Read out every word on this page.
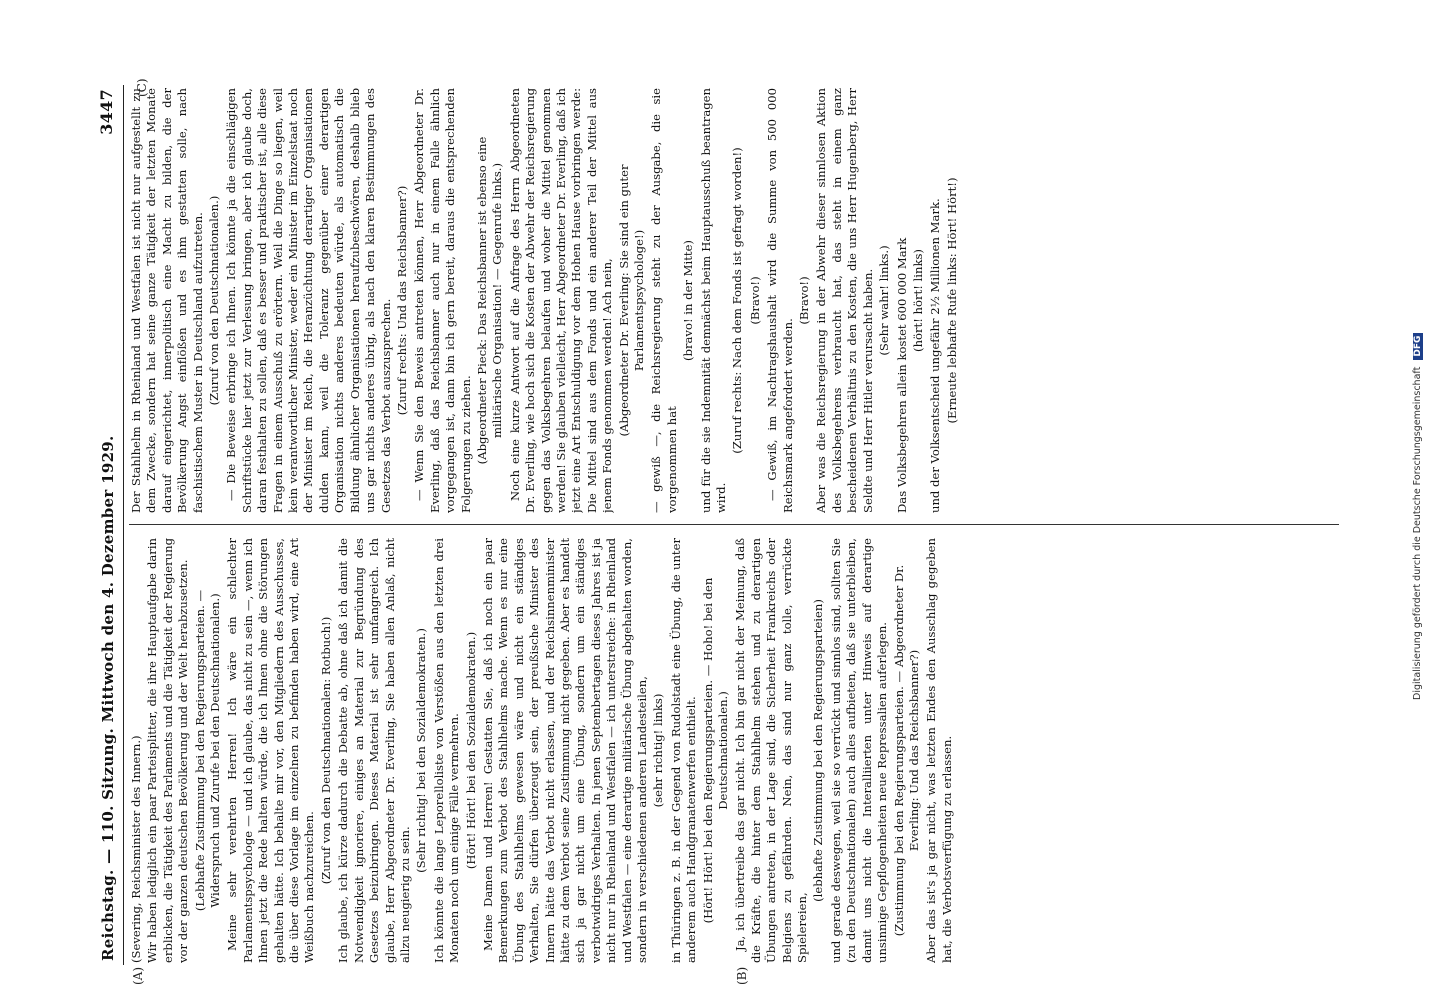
Reichstag. — 110. Sitzung. Mittwoch den 4. Dezember 1929.
3447
(A)	(B)
(C)

(Severing, Reichsminister des Innern.) Wir haben lediglich ein paar Parteisplitter, die ihre Hauptaufgabe darin erblicken, die Tätigkeit des Parlaments und die Tätigkeit der Regierung vor der ganzen deutschen Bevölkerung und der Welt herabzusetzen. (Lebhafte Zustimmung bei den Regierungsparteien. — Widerspruch und Zurufe bei den Deutschnationalen.) Meine sehr verehrten Herren! Ich wäre ein schlechter Parlamentspsychologe — und ich glaube, das nicht zu sein —, wenn ich Ihnen jetzt die Rede halten würde, die ich Ihnen ohne die Störungen gehalten hätte. Ich behalte mir vor, den Mitgliedern des Ausschusses, die über diese Vorlage im einzelnen zu befinden haben wird, eine Art Weißbuch nachzureichen.

(Zuruf von den Deutschnationalen: Rotbuch!) Ich glaube, ich kürze dadurch die Debatte ab, ohne daß ich damit die Notwendigkeit ignoriere, einiges an Material zur Begründung des Gesetzes beizubringen. Dieses Material ist sehr umfangreich. Ich glaube, Herr Abgeordneter Dr. Everling, Sie haben allen Anlaß, nicht allzu neugierig zu sein.

(Sehr richtig! bei den Sozialdemokraten.) Ich könnte die lange Leporelloliste von Verstößen aus den letzten drei Monaten noch um einige Fälle vermehren. (Hört! Hört! bei den Sozialdemokraten.) Meine Damen und Herren! Gestatten Sie, daß ich noch ein paar Bemerkungen zum Verbot des Stahlhelms mache. Wenn es nur eine Übung des Stahlhelms gewesen wäre und nicht ein ständiges Verhalten, Sie dürfen überzeugt sein, der preußische Minister des Innern hätte das Verbot nicht erlassen, und der Reichsinnenminister hätte zu dem Verbot seine Zustimmung nicht gegeben. Aber es handelt sich ja gar nicht um eine Übung, sondern um ein ständiges verbotwidriges Verhalten. In jenen Septembertagen dieses Jahres ist ja nicht nur in Rheinland und Westfalen — ich unterstreiche: in Rheinland und Westfalen — eine derartige militärische Übung abgehalten worden, sondern in verschiedenen anderen Landesteilen, (sehr richtig! links) in Thüringen z. B. in der Gegend von Rudolstadt eine Übung, die unter anderem auch Handgranatenwerfen enthielt. (Hört! Hört! bei den Regierungsparteien. — Hoho! bei den Deutschnationalen.) Ja, ich übertreibe das gar nicht. Ich bin gar nicht der Meinung, daß die Kräfte, die hinter dem Stahlhelm stehen und zu derartigen Übungen antreten, in der Lage sind, die Sicherheit Frankreichs oder Belgiens zu gefährden. Nein, das sind nur ganz tolle, verrückte Spielereien,

(lebhafte Zustimmung bei den Regierungsparteien) und gerade deswegen, weil sie so verrückt und sinnlos sind, sollten Sie (zu den Deutschnationalen) auch alles aufbieten, daß sie unterbleiben, damit uns nicht die Interalliierten unter Hinweis auf derartige unsinnige Gepflogenheiten neue Repressalien auferlegen. (Zustimmung bei den Regierungsparteien. — Abgeordneter Dr. Everling: Und das Reichsbanner?) Aber das ist's ja gar nicht, was letzten Endes den Ausschlag gegeben hat, die Verbotsverfügung zu erlassen.

Der Stahlhelm in Rheinland und Westfalen ist nicht nur aufgestellt zu dem Zwecke, sondern hat seine ganze Tätigkeit der letzten Monate darauf eingerichtet, innerpolitisch eine Macht zu bilden, die der Bevölkerung Angst einflößen und es ihm gestatten solle, nach faschistischem Muster in Deutschland aufzutreten. (Zuruf von den Deutschnationalen.) — Die Beweise erbringe ich Ihnen. Ich könnte ja die einschlägigen Schriftstücke hier jetzt zur Verlesung bringen, aber ich glaube doch, daran festhalten zu sollen, daß es besser und praktischer ist, alle diese Fragen in einem Ausschuß zu erörtern. Weil die Dinge so liegen, weil kein verantwortlicher Minister, weder ein Minister im Einzelstaat noch der Minister im Reich, die Heranzüchtung derartiger Organisationen dulden kann, weil die Toleranz gegenüber einer derartigen Organisation nichts anderes bedeuten würde, als automatisch die Bildung ähnlicher Organisationen heraufzubeschwören, deshalb blieb uns gar nichts anderes übrig, als nach den klaren Bestimmungen des Gesetzes das Verbot auszusprechen. (Zuruf rechts: Und das Reichsbanner?) — Wenn Sie den Beweis antreten können, Herr Abgeordneter Dr. Everling, daß das Reichsbanner auch nur in einem Falle ähnlich vorgegangen ist, dann bin ich gern bereit, daraus die entsprechenden Folgerungen zu ziehen. (Abgeordneter Pieck: Das Reichsbanner ist ebenso eine militärische Organisation! — Gegenrufe links.) Noch eine kurze Antwort auf die Anfrage des Herrn Abgeordneten Dr. Everling, wie hoch sich die Kosten der Abwehr der Reichsregierung gegen das Volksbegehren belaufen und woher die Mittel genommen werden! Sie glauben vielleicht, Herr Abgeordneter Dr. Everling, daß ich jetzt eine Art Entschuldigung vor dem Hohen Hause vorbringen werde: Die Mittel sind aus dem Fonds und ein anderer Teil der Mittel aus jenem Fonds genommen werden! Ach nein, (Abgeordneter Dr. Everling: Sie sind ein guter Parlamentspsychologe!) — gewiß —, die Reichsregierung steht zu der Ausgabe, die sie vorgenommen hat

(bravo! in der Mitte) und für die sie Indemnität demnächst beim Hauptausschuß beantragen wird.

(Zuruf rechts: Nach dem Fonds ist gefragt worden!) (Bravo!) — Gewiß, im Nachtragshaushalt wird die Summe von 500 000 Reichsmark angefordert werden.

(Bravo!) Aber was die Reichsregierung in der Abwehr dieser sinnlosen Aktion des Volksbegehrens verbraucht hat, das steht in einem ganz bescheidenen Verhältnis zu den Kosten, die uns Herr Hugenberg, Herr Seldte und Herr Hitler verursacht haben. (Sehr wahr! links.) Das Volksbegehren allein kostet 600 000 Mark (hört! hört! links) und der Volksentscheid ungefähr 2½ Millionen Mark. (Erneute lebhafte Rufe links: Hört! Hört!)

Digitalisierung gefördert durch die Deutsche Forschungsgemeinschaft DFG
